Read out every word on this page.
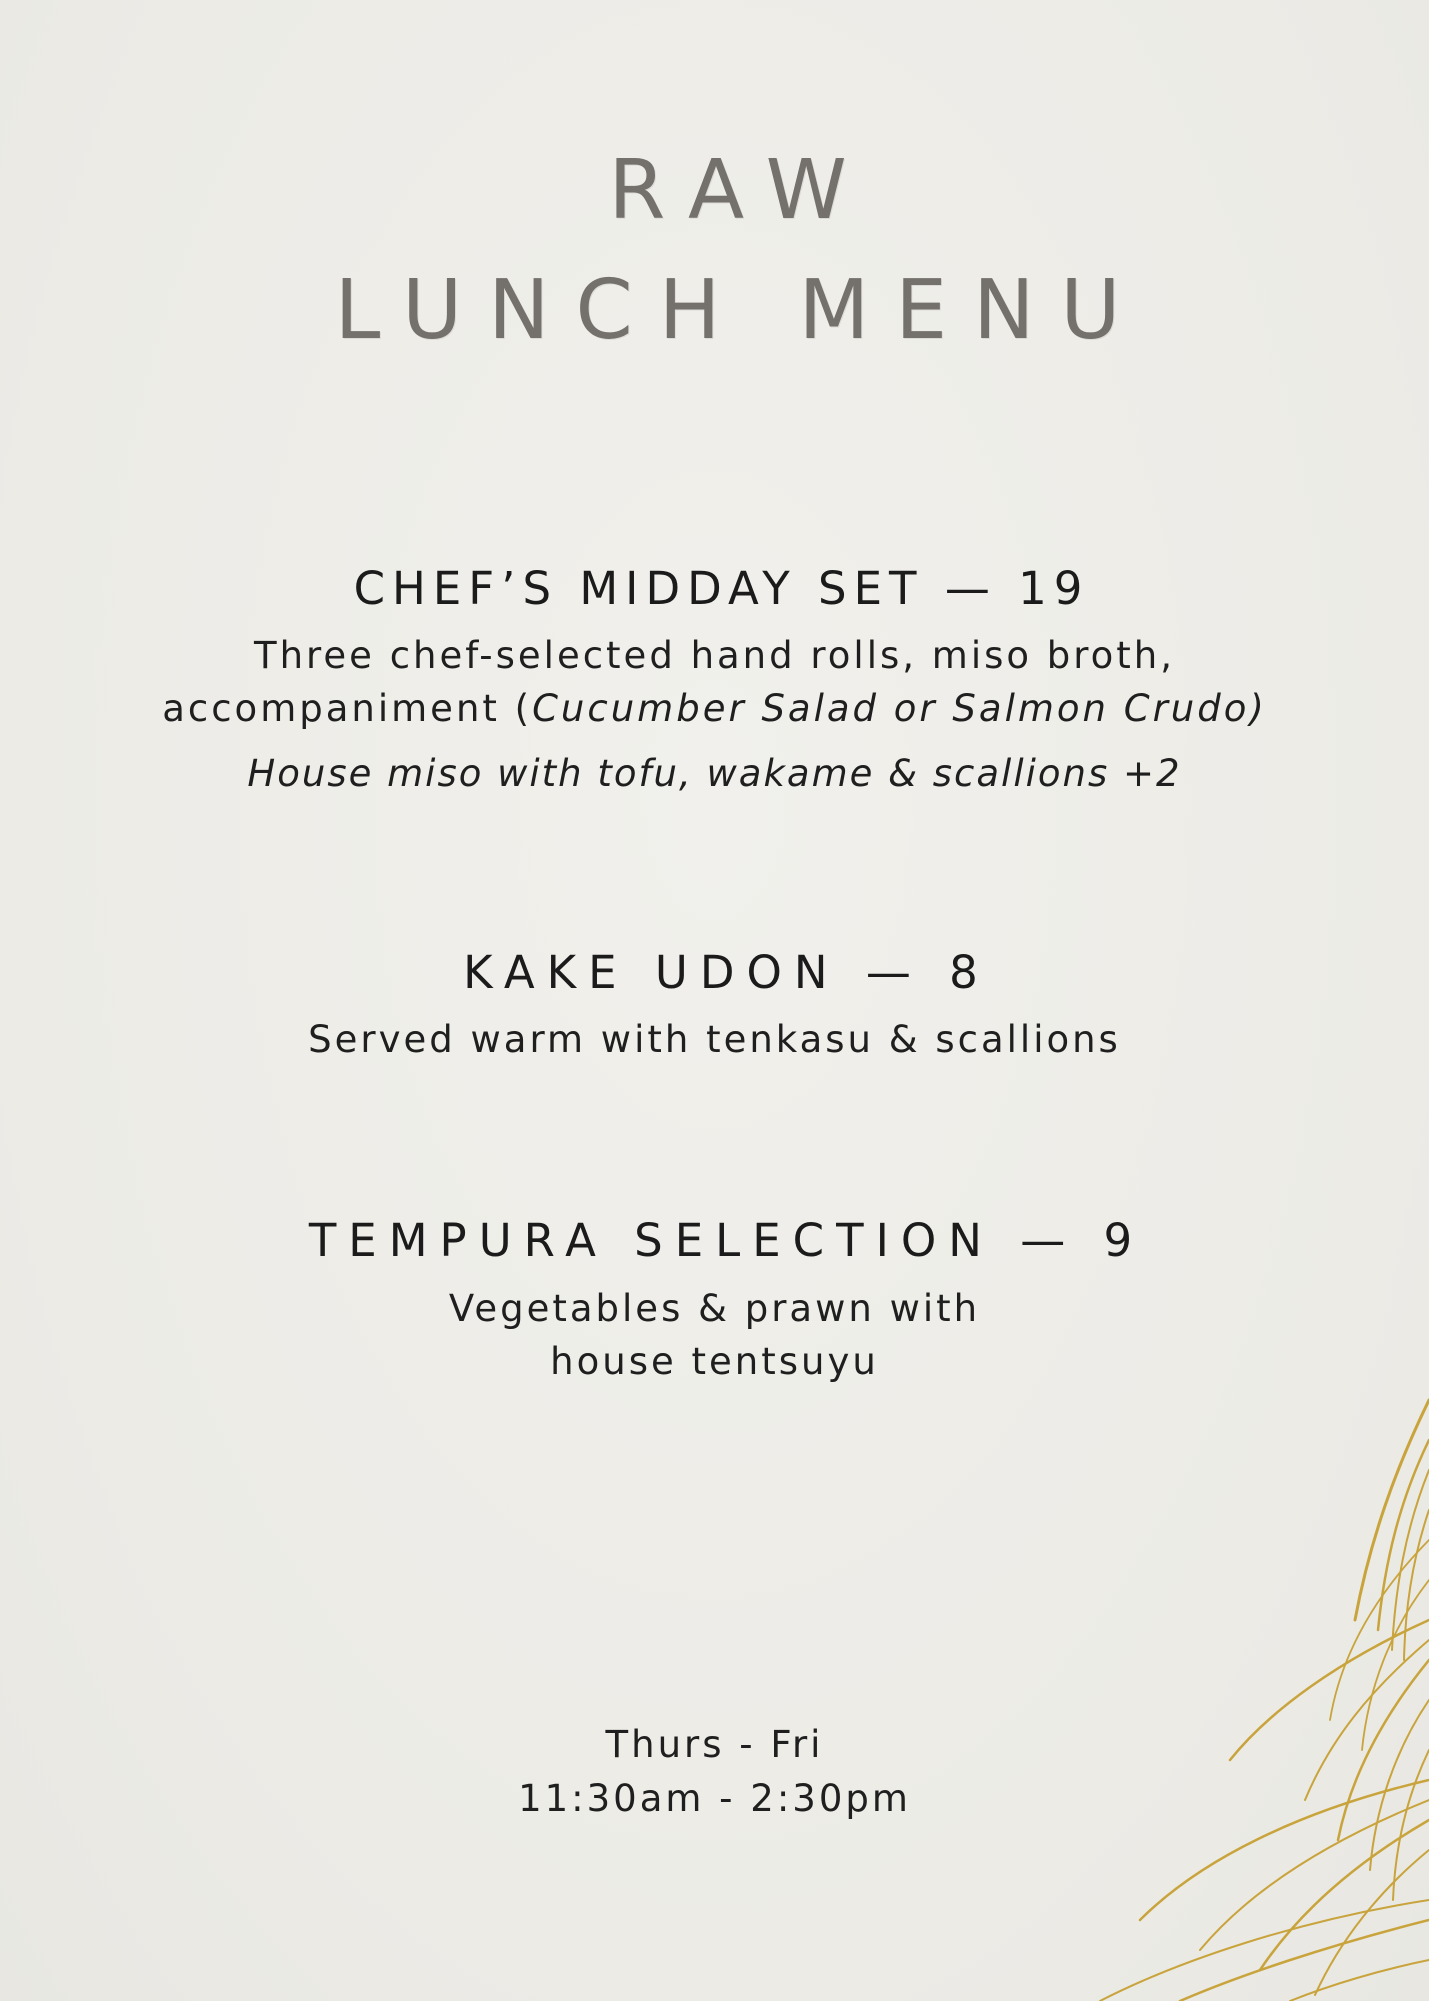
RAW
LUNCH MENU
CHEF’S MIDDAY SET — 19
Three chef-selected hand rolls, miso broth,
accompaniment (Cucumber Salad or Salmon Crudo)
House miso with tofu, wakame & scallions +2
KAKE UDON — 8
Served warm with tenkasu & scallions
TEMPURA SELECTION — 9
Vegetables & prawn with
house tentsuyu
Thurs - Fri
11:30am - 2:30pm
